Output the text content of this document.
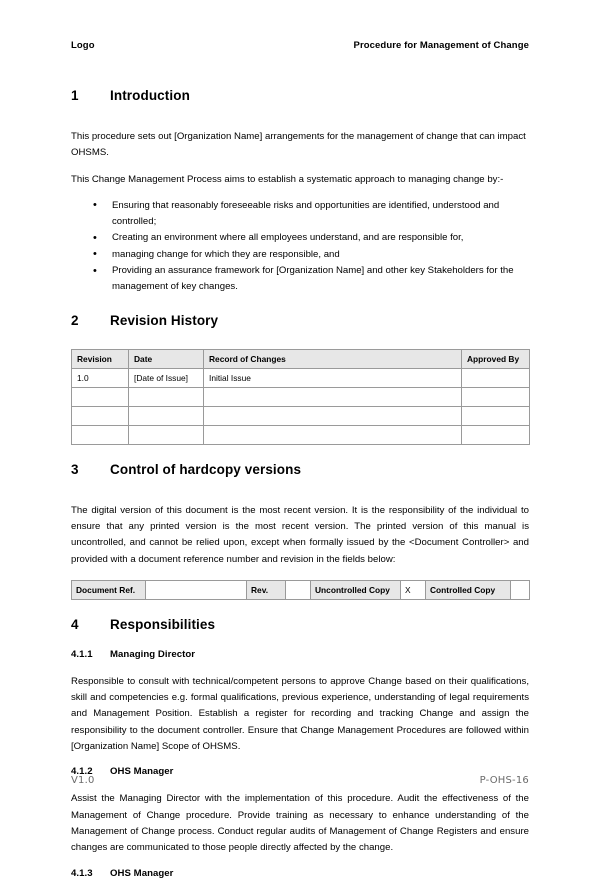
Logo	Procedure for Management of Change
1	Introduction

This procedure sets out [Organization Name] arrangements for the management of change that can impact OHSMS.

This Change Management Process aims to establish a systematic approach to managing change by:-

• Ensuring that reasonably foreseeable risks and opportunities are identified, understood and controlled;
• Creating an environment where all employees understand, and are responsible for,
• managing change for which they are responsible, and
• Providing an assurance framework for [Organization Name] and other key Stakeholders for the management of key changes.
2	Revision History
Revision	Date	Record of Changes	Approved By
1.0	[Date of Issue]	Initial Issue	

3	Control of hardcopy versions

The digital version of this document is the most recent version. It is the responsibility of the individual to ensure that any printed version is the most recent version. The printed version of this manual is uncontrolled, and cannot be relied upon, except when formally issued by the <Document Controller> and provided with a document reference number and revision in the fields below:

Document Ref.		Rev.		Uncontrolled Copy	X	Controlled Copy	
4	Responsibilities
4.1.1	Managing Director

Responsible to consult with technical/competent persons to approve Change based on their qualifications, skill and competencies e.g. formal qualifications, previous experience, understanding of legal requirements and Management Position. Establish a register for recording and tracking Change and assign the responsibility to the document controller. Ensure that Change Management Procedures are followed within [Organization Name] Scope of OHSMS.

4.1.2	OHS Manager

Assist the Managing Director with the implementation of this procedure. Audit the effectiveness of the Management of Change procedure. Provide training as necessary to enhance understanding of the Management of Change process. Conduct regular audits of Management of Change Registers and ensure changes are communicated to those people directly affected by the change.

4.1.3	OHS Manager
V1.0	P-OHS-16
